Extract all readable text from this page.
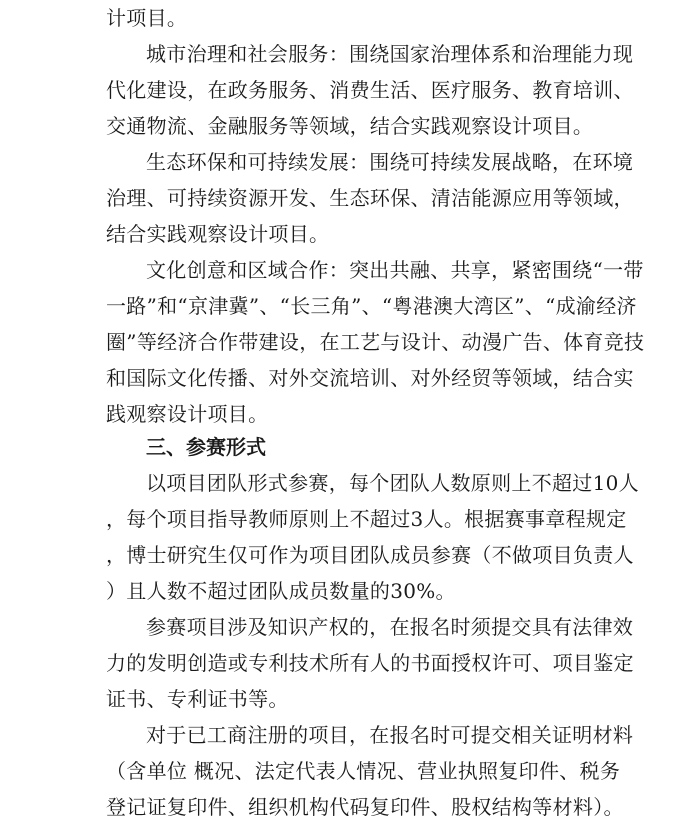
计项目。
城市治理和社会服务：围绕国家治理体系和治理能力现
代化建设，在政务服务、消费生活、医疗服务、教育培训、
交通物流、金融服务等领域，结合实践观察设计项目。
生态环保和可持续发展：围绕可持续发展战略，在环境
治理、可持续资源开发、生态环保、清洁能源应用等领域，
结合实践观察设计项目。
文化创意和区域合作：突出共融、共享，紧密围绕“一带
一路”和“京津冀”、“长三角”、“粤港澳大湾区”、“成渝经济
圈”等经济合作带建设，在工艺与设计、动漫广告、体育竞技
和国际文化传播、对外交流培训、对外经贸等领域，结合实
践观察设计项目。
三、参赛形式
以项目团队形式参赛，每个团队人数原则上不超过10人
，每个项目指导教师原则上不超过3人。根据赛事章程规定
，博士研究生仅可作为项目团队成员参赛（不做项目负责人
）且人数不超过团队成员数量的30%。
参赛项目涉及知识产权的，在报名时须提交具有法律效
力的发明创造或专利技术所有人的书面授权许可、项目鉴定
证书、专利证书等。
对于已工商注册的项目，在报名时可提交相关证明材料
（含单位 概况、法定代表人情况、营业执照复印件、税务
登记证复印件、组织机构代码复印件、股权结构等材料）。
